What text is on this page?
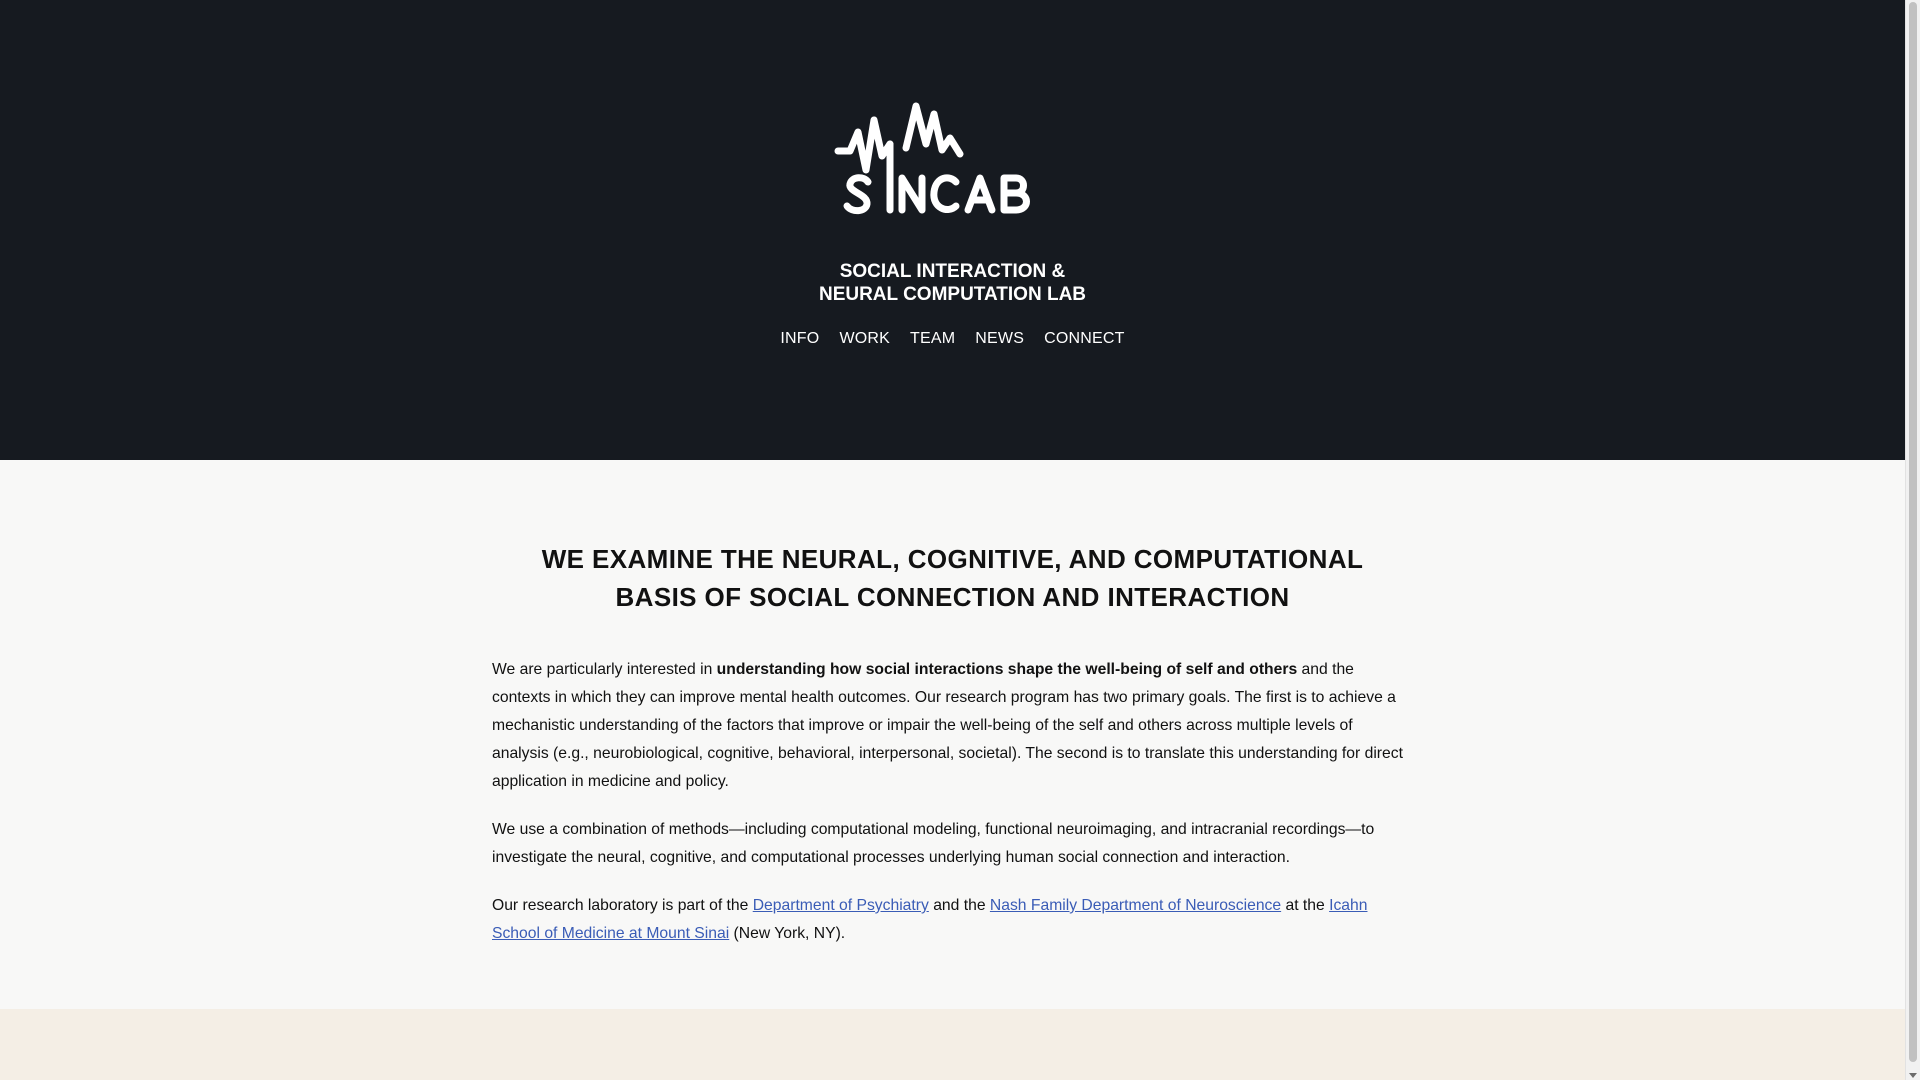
SOCIAL INTERACTION &
NEURAL COMPUTATION LAB
INFO WORK TEAM NEWS CONNECT
WE EXAMINE THE NEURAL, COGNITIVE, AND COMPUTATIONAL
BASIS OF SOCIAL CONNECTION AND INTERACTION

We are particularly interested in understanding how social interactions shape the well-being of self and others and the contexts in which they can improve mental health outcomes. Our research program has two primary goals. The first is to achieve a mechanistic understanding of the factors that improve or impair the well-being of the self and others across multiple levels of analysis (e.g., neurobiological, cognitive, behavioral, interpersonal, societal). The second is to translate this understanding for direct application in medicine and policy.

We use a combination of methods—including computational modeling, functional neuroimaging, and intracranial recordings—to investigate the neural, cognitive, and computational processes underlying human social connection and interaction.

Our research laboratory is part of the Department of Psychiatry and the Nash Family Department of Neuroscience at the Icahn School of Medicine at Mount Sinai (New York, NY).
